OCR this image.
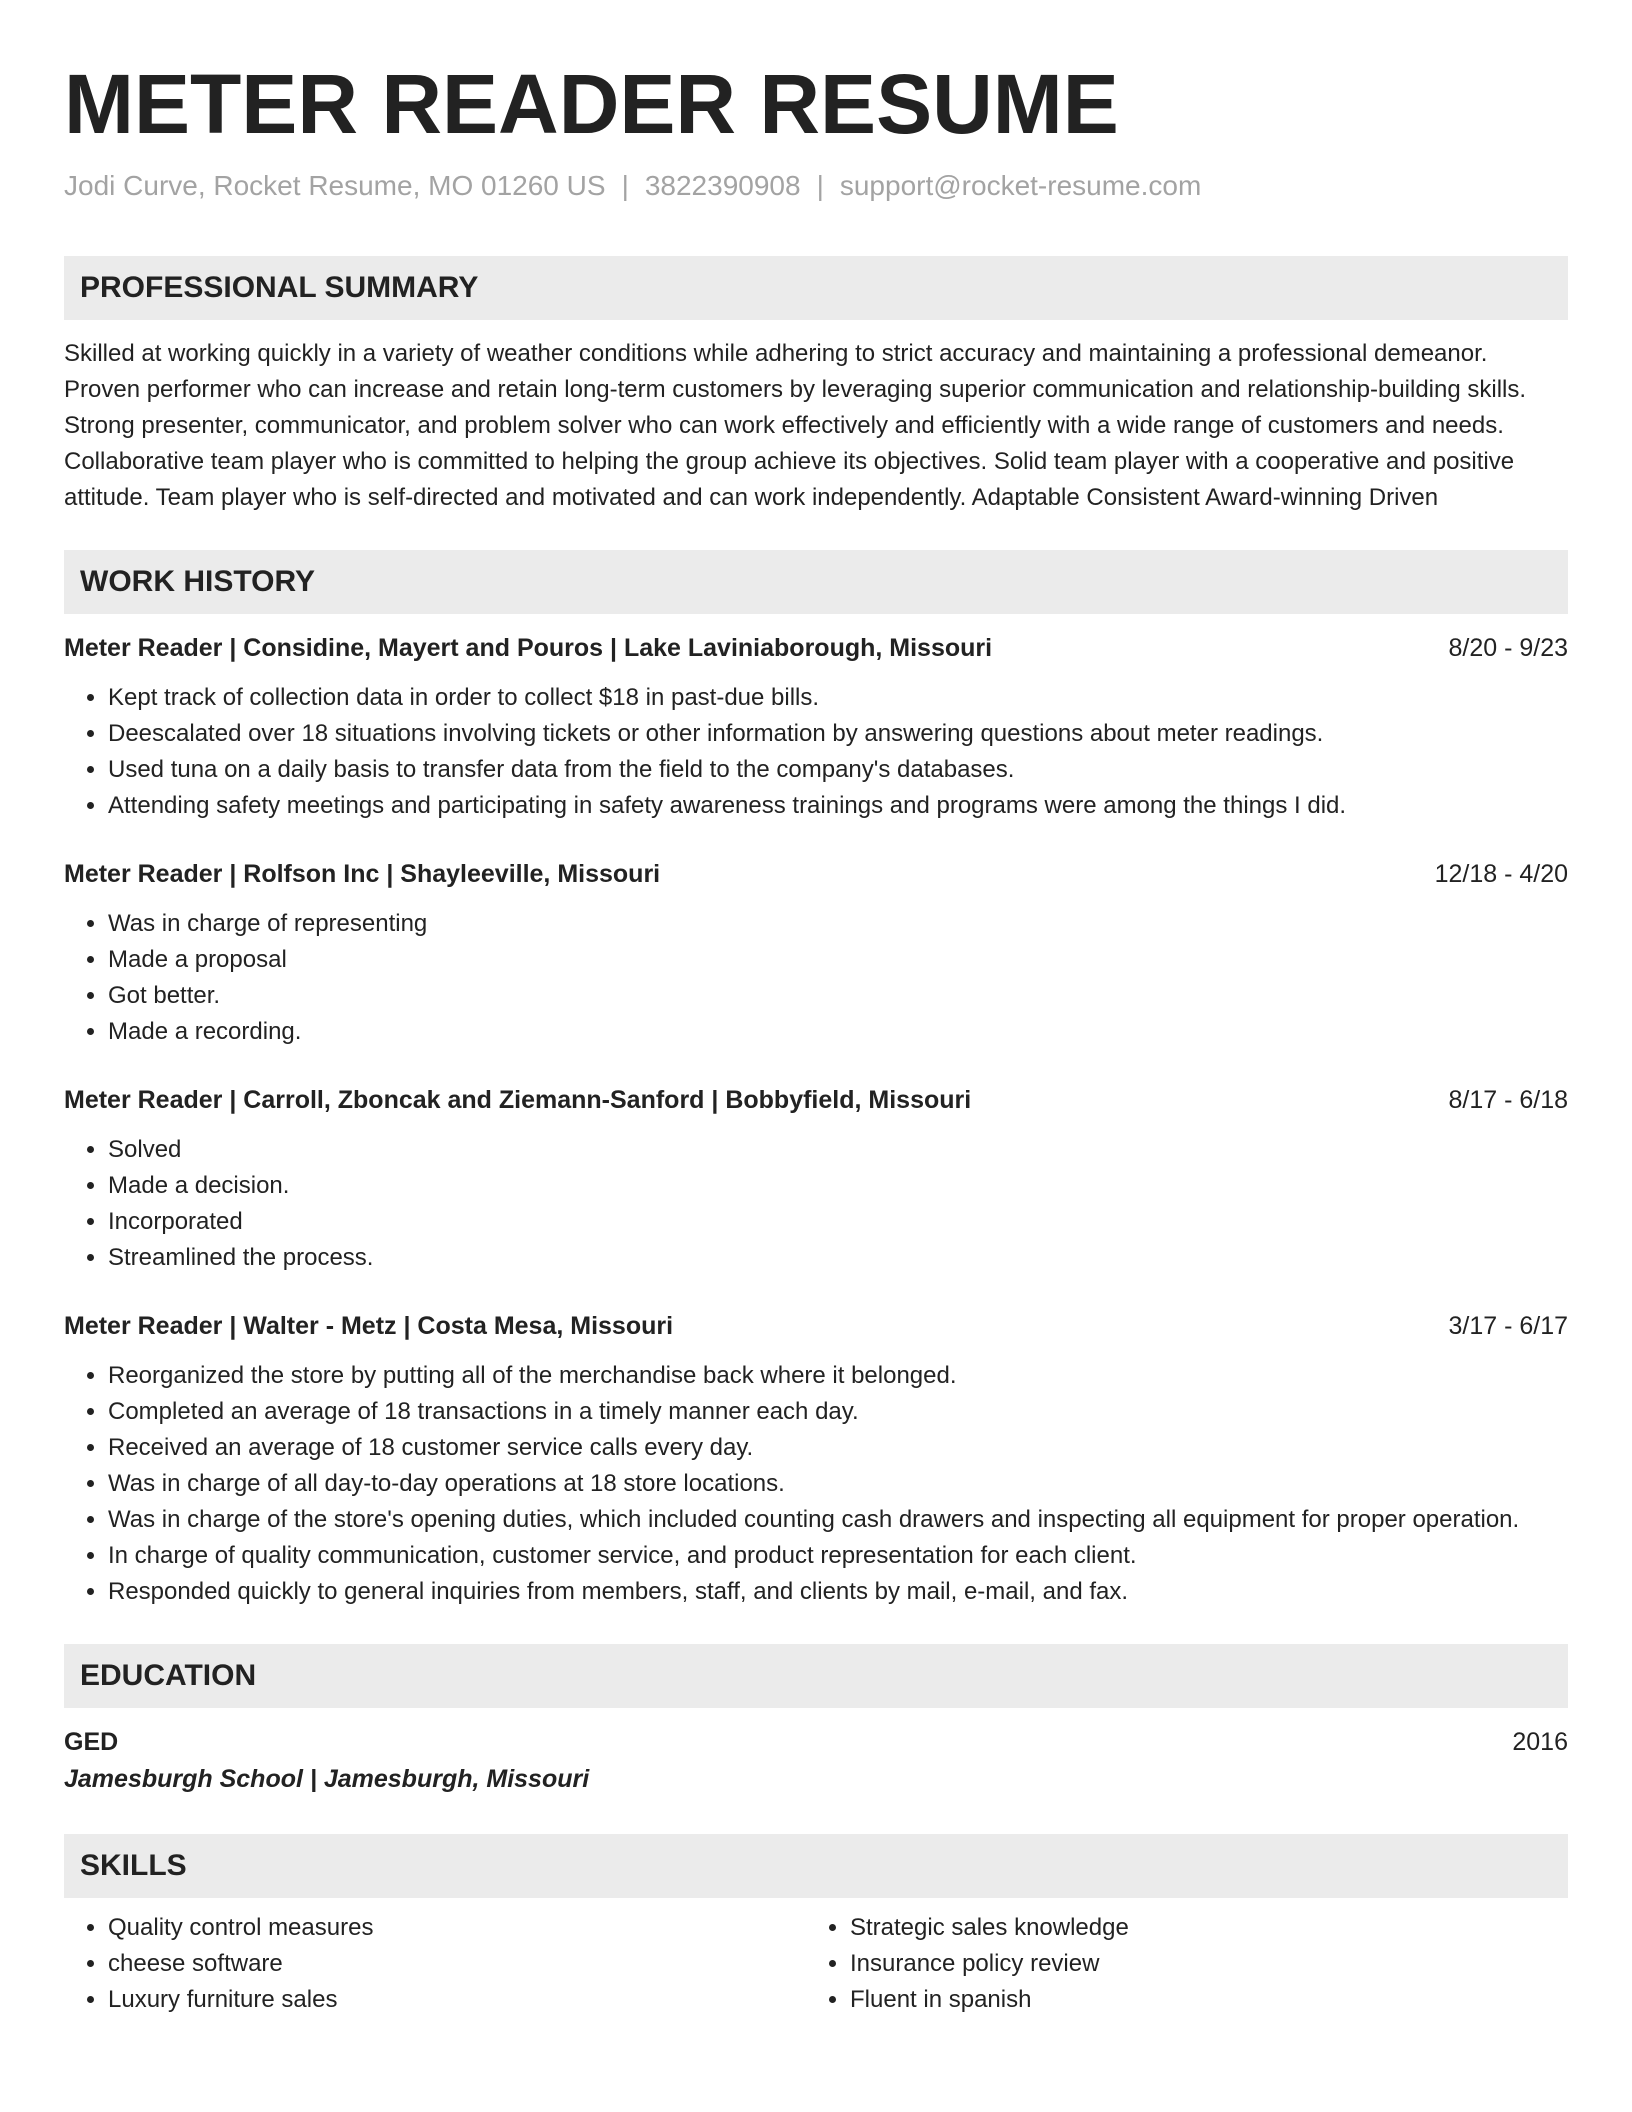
METER READER RESUME
Jodi Curve, Rocket Resume, MO 01260 US | 3822390908 | support@rocket-resume.com
PROFESSIONAL SUMMARY
Skilled at working quickly in a variety of weather conditions while adhering to strict accuracy and maintaining a professional demeanor. Proven performer who can increase and retain long-term customers by leveraging superior communication and relationship-building skills. Strong presenter, communicator, and problem solver who can work effectively and efficiently with a wide range of customers and needs. Collaborative team player who is committed to helping the group achieve its objectives. Solid team player with a cooperative and positive attitude. Team player who is self-directed and motivated and can work independently. Adaptable Consistent Award-winning Driven
WORK HISTORY
Meter Reader | Considine, Mayert and Pouros | Lake Laviniaborough, Missouri	8/20 - 9/23
• Kept track of collection data in order to collect $18 in past-due bills.
• Deescalated over 18 situations involving tickets or other information by answering questions about meter readings.
• Used tuna on a daily basis to transfer data from the field to the company's databases.
• Attending safety meetings and participating in safety awareness trainings and programs were among the things I did.
Meter Reader | Rolfson Inc | Shayleeville, Missouri	12/18 - 4/20
• Was in charge of representing
• Made a proposal
• Got better.
• Made a recording.
Meter Reader | Carroll, Zboncak and Ziemann-Sanford | Bobbyfield, Missouri	8/17 - 6/18
• Solved
• Made a decision.
• Incorporated
• Streamlined the process.
Meter Reader | Walter - Metz | Costa Mesa, Missouri	3/17 - 6/17
• Reorganized the store by putting all of the merchandise back where it belonged.
• Completed an average of 18 transactions in a timely manner each day.
• Received an average of 18 customer service calls every day.
• Was in charge of all day-to-day operations at 18 store locations.
• Was in charge of the store's opening duties, which included counting cash drawers and inspecting all equipment for proper operation.
• In charge of quality communication, customer service, and product representation for each client.
• Responded quickly to general inquiries from members, staff, and clients by mail, e-mail, and fax.
EDUCATION
GED	2016
Jamesburgh School | Jamesburgh, Missouri
SKILLS
• Quality control measures
• cheese software
• Luxury furniture sales
• Strategic sales knowledge
• Insurance policy review
• Fluent in spanish
